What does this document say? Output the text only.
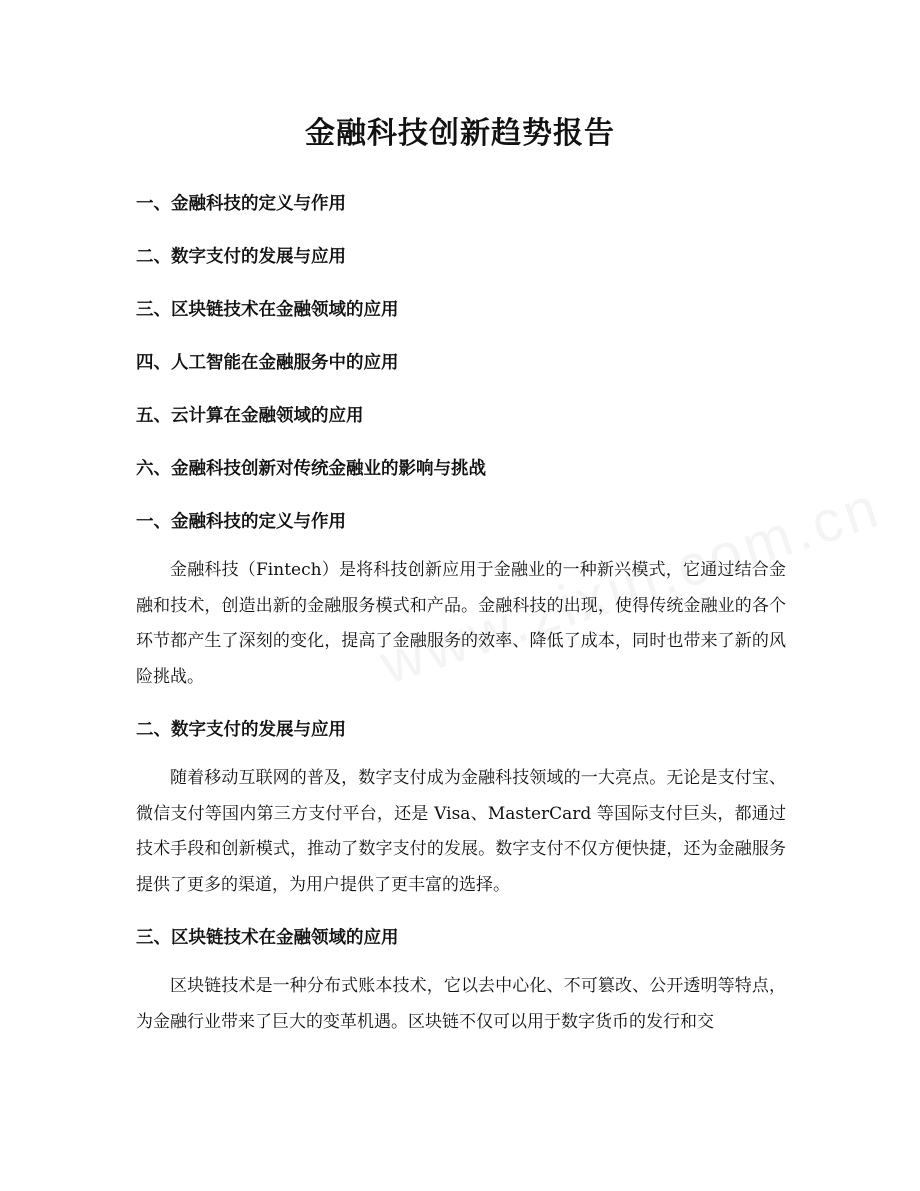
金融科技创新趋势报告
一、金融科技的定义与作用
二、数字支付的发展与应用
三、区块链技术在金融领域的应用
四、人工智能在金融服务中的应用
五、云计算在金融领域的应用
六、金融科技创新对传统金融业的影响与挑战
一、金融科技的定义与作用

金融科技（Fintech）是将科技创新应用于金融业的一种新兴模式，它通过结合金融和技术，创造出新的金融服务模式和产品。金融科技的出现，使得传统金融业的各个环节都产生了深刻的变化，提高了金融服务的效率、降低了成本，同时也带来了新的风险挑战。

二、数字支付的发展与应用

随着移动互联网的普及，数字支付成为金融科技领域的一大亮点。无论是支付宝、微信支付等国内第三方支付平台，还是 Visa、MasterCard 等国际支付巨头，都通过技术手段和创新模式，推动了数字支付的发展。数字支付不仅方便快捷，还为金融服务提供了更多的渠道，为用户提供了更丰富的选择。

三、区块链技术在金融领域的应用

区块链技术是一种分布式账本技术，它以去中心化、不可篡改、公开透明等特点，为金融行业带来了巨大的变革机遇。区块链不仅可以用于数字货币的发行和交
